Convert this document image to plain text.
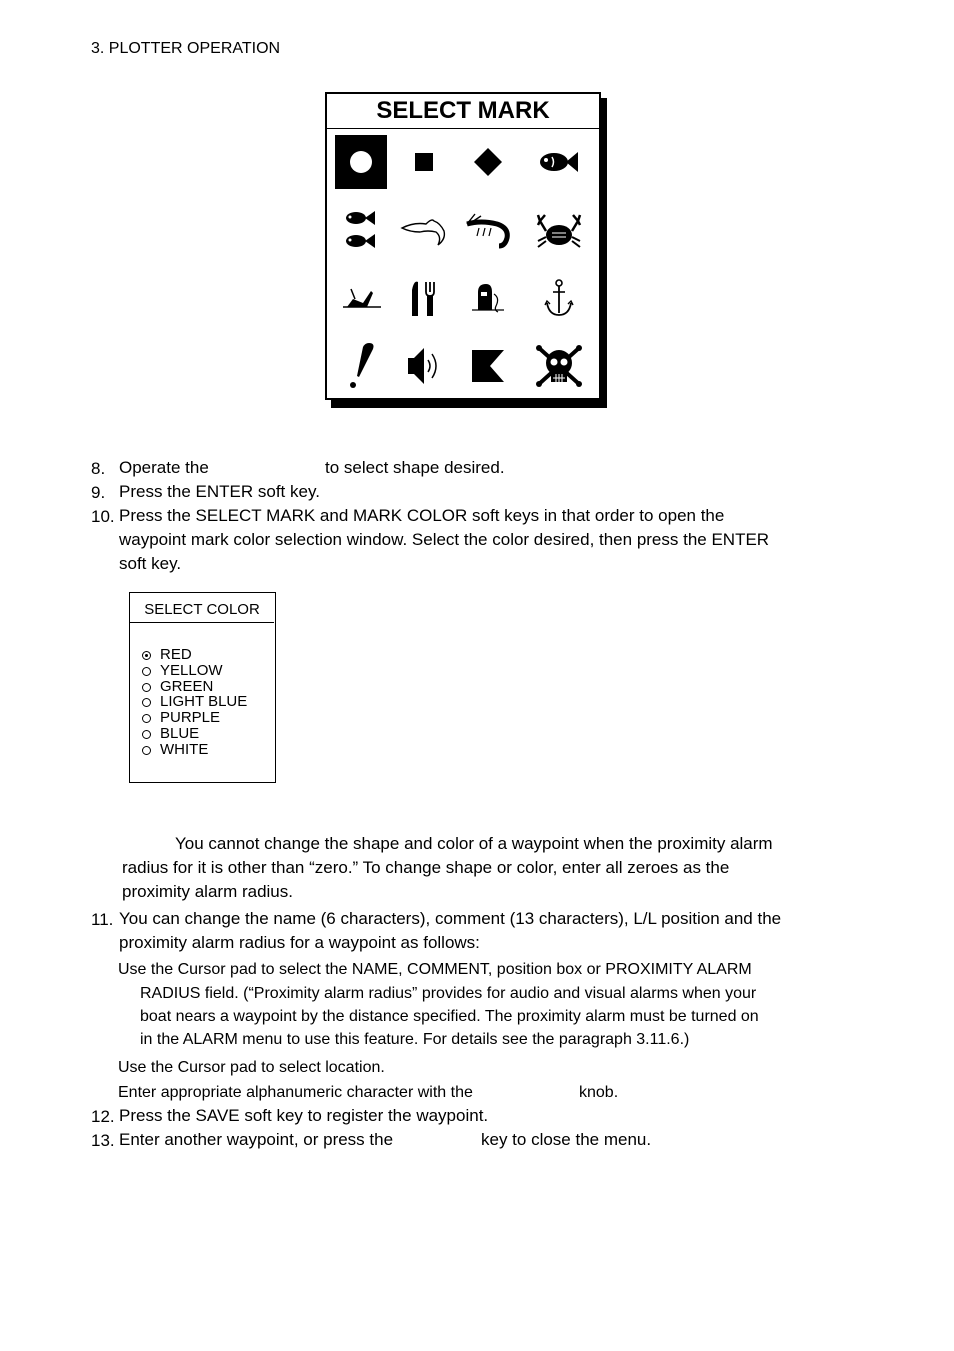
3. PLOTTER OPERATION
SELECT MARK
8. Operate the	to select shape desired.
9. Press the ENTER soft key.
10. Press the SELECT MARK and MARK COLOR soft keys in that order to open the
waypoint mark color selection window. Select the color desired, then press the ENTER
soft key.
SELECT COLOR
RED
YELLOW
GREEN
LIGHT BLUE
PURPLE
BLUE
WHITE
You cannot change the shape and color of a waypoint when the proximity alarm
radius for it is other than “zero.” To change shape or color, enter all zeroes as the
proximity alarm radius.
11. You can change the name (6 characters), comment (13 characters), L/L position and the
proximity alarm radius for a waypoint as follows:
Use the Cursor pad to select the NAME, COMMENT, position box or PROXIMITY ALARM
RADIUS field. (“Proximity alarm radius” provides for audio and visual alarms when your
boat nears a waypoint by the distance specified. The proximity alarm must be turned on
in the ALARM menu to use this feature. For details see the paragraph 3.11.6.)
Use the Cursor pad to select location.
Enter appropriate alphanumeric character with the	knob.
12. Press the SAVE soft key to register the waypoint.
13. Enter another waypoint, or press the	key to close the menu.
